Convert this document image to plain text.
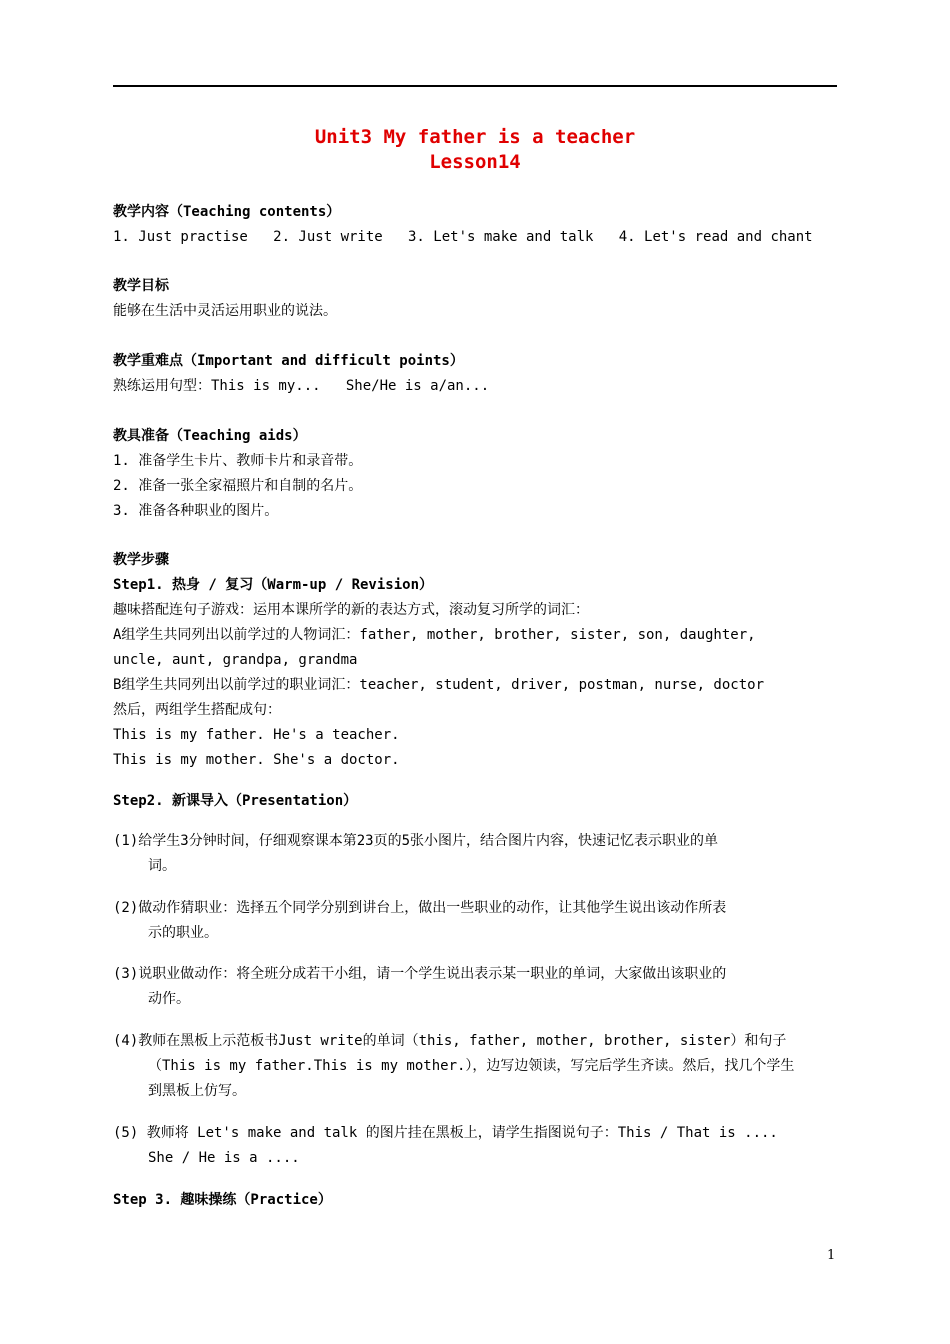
Unit3 My father is a teacher
Lesson14
教学内容（Teaching contents）
1. Just practise   2. Just write   3. Let's make and talk   4. Let's read and chant
教学目标
能够在生活中灵活运用职业的说法。
教学重难点（Important and difficult points）
熟练运用句型：This is my...   She/He is a/an...
教具准备（Teaching aids）
1. 准备学生卡片、教师卡片和录音带。
2. 准备一张全家福照片和自制的名片。
3. 准备各种职业的图片。
教学步骤
Step1. 热身 / 复习（Warm-up / Revision）
趣味搭配连句子游戏：运用本课所学的新的表达方式，滚动复习所学的词汇：
A组学生共同列出以前学过的人物词汇：father, mother, brother, sister, son, daughter,
uncle, aunt, grandpa, grandma
B组学生共同列出以前学过的职业词汇：teacher, student, driver, postman, nurse, doctor
然后，两组学生搭配成句：
This is my father. He's a teacher.
This is my mother. She's a doctor.
Step2. 新课导入（Presentation）
(1)给学生3分钟时间，仔细观察课本第23页的5张小图片，结合图片内容，快速记忆表示职业的单
词。
(2)做动作猜职业：选择五个同学分别到讲台上，做出一些职业的动作，让其他学生说出该动作所表
示的职业。
(3)说职业做动作：将全班分成若干小组，请一个学生说出表示某一职业的单词，大家做出该职业的
动作。
(4)教师在黑板上示范板书Just write的单词（this, father, mother, brother, sister）和句子
（This is my father.This is my mother.），边写边领读，写完后学生齐读。然后，找几个学生
到黑板上仿写。
(5) 教师将 Let's make and talk 的图片挂在黑板上，请学生指图说句子：This / That is ....
She / He is a ....
Step 3. 趣味操练（Practice）
1
